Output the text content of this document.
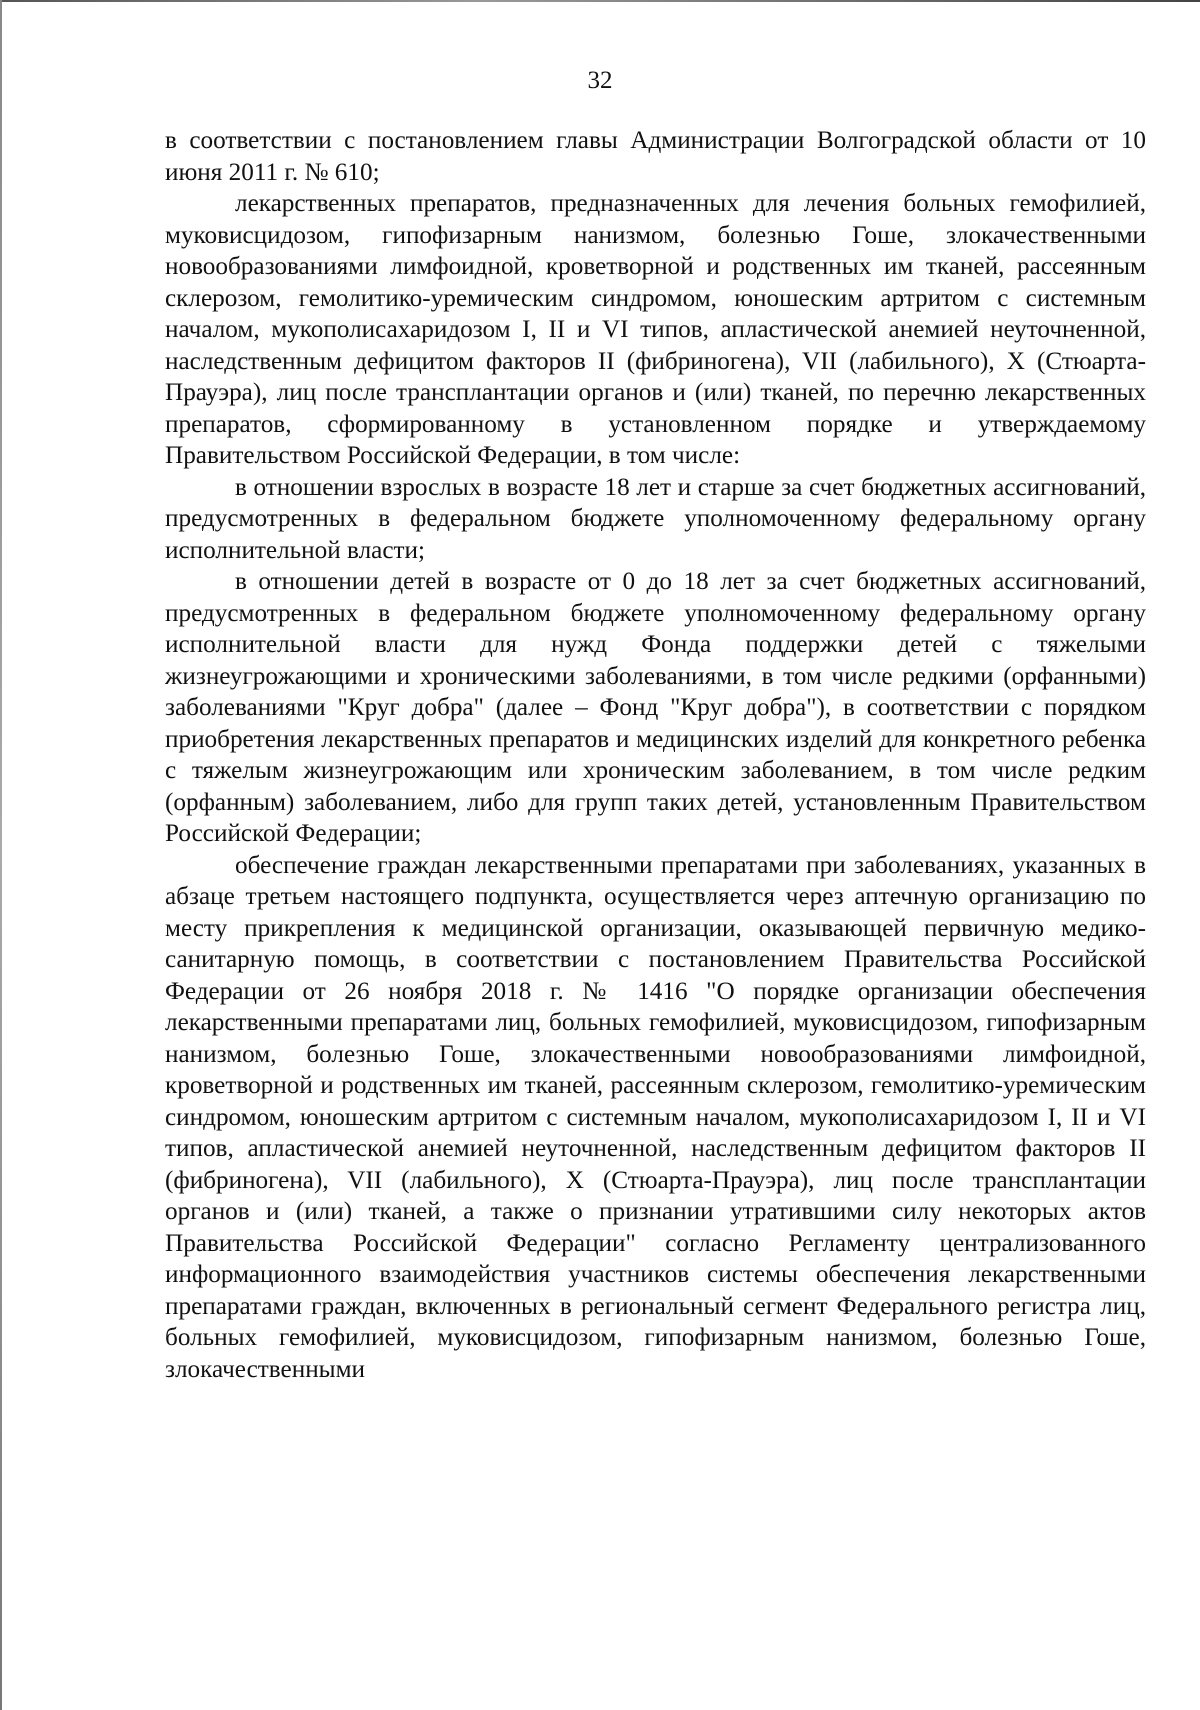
32

в соответствии с постановлением главы Администрации Волгоградской области от 10 июня 2011 г. № 610;

лекарственных препаратов, предназначенных для лечения больных гемофилией, муковисцидозом, гипофизарным нанизмом, болезнью Гоше, злокачественными новообразованиями лимфоидной, кроветворной и родственных им тканей, рассеянным склерозом, гемолитико-уремическим синдромом, юношеским артритом с системным началом, мукополисахаридозом I, II и VI типов, апластической анемией неуточненной, наследственным дефицитом факторов II (фибриногена), VII (лабильного), X (Стюарта-Прауэра), лиц после трансплантации органов и (или) тканей, по перечню лекарственных препаратов, сформированному в установленном порядке и утверждаемому Правительством Российской Федерации, в том числе:

в отношении взрослых в возрасте 18 лет и старше за счет бюджетных ассигнований, предусмотренных в федеральном бюджете уполномоченному федеральному органу исполнительной власти;

в отношении детей в возрасте от 0 до 18 лет за счет бюджетных ассигнований, предусмотренных в федеральном бюджете уполномоченному федеральному органу исполнительной власти для нужд Фонда поддержки детей с тяжелыми жизнеугрожающими и хроническими заболеваниями, в том числе редкими (орфанными) заболеваниями "Круг добра" (далее – Фонд "Круг добра"), в соответствии с порядком приобретения лекарственных препаратов и медицинских изделий для конкретного ребенка с тяжелым жизнеугрожающим или хроническим заболеванием, в том числе редким (орфанным) заболеванием, либо для групп таких детей, установленным Правительством Российской Федерации;

обеспечение граждан лекарственными препаратами при заболеваниях, указанных в абзаце третьем настоящего подпункта, осуществляется через аптечную организацию по месту прикрепления к медицинской организации, оказывающей первичную медико-санитарную помощь, в соответствии с постановлением Правительства Российской Федерации от 26 ноября 2018 г. № 1416 "О порядке организации обеспечения лекарственными препаратами лиц, больных гемофилией, муковисцидозом, гипофизарным нанизмом, болезнью Гоше, злокачественными новообразованиями лимфоидной, кроветворной и родственных им тканей, рассеянным склерозом, гемолитико-уремическим синдромом, юношеским артритом с системным началом, мукополисахаридозом I, II и VI типов, апластической анемией неуточненной, наследственным дефицитом факторов II (фибриногена), VII (лабильного), X (Стюарта-Прауэра), лиц после трансплантации органов и (или) тканей, а также о признании утратившими силу некоторых актов Правительства Российской Федерации" согласно Регламенту централизованного информационного взаимодействия участников системы обеспечения лекарственными препаратами граждан, включенных в региональный сегмент Федерального регистра лиц, больных гемофилией, муковисцидозом, гипофизарным нанизмом, болезнью Гоше, злокачественными
